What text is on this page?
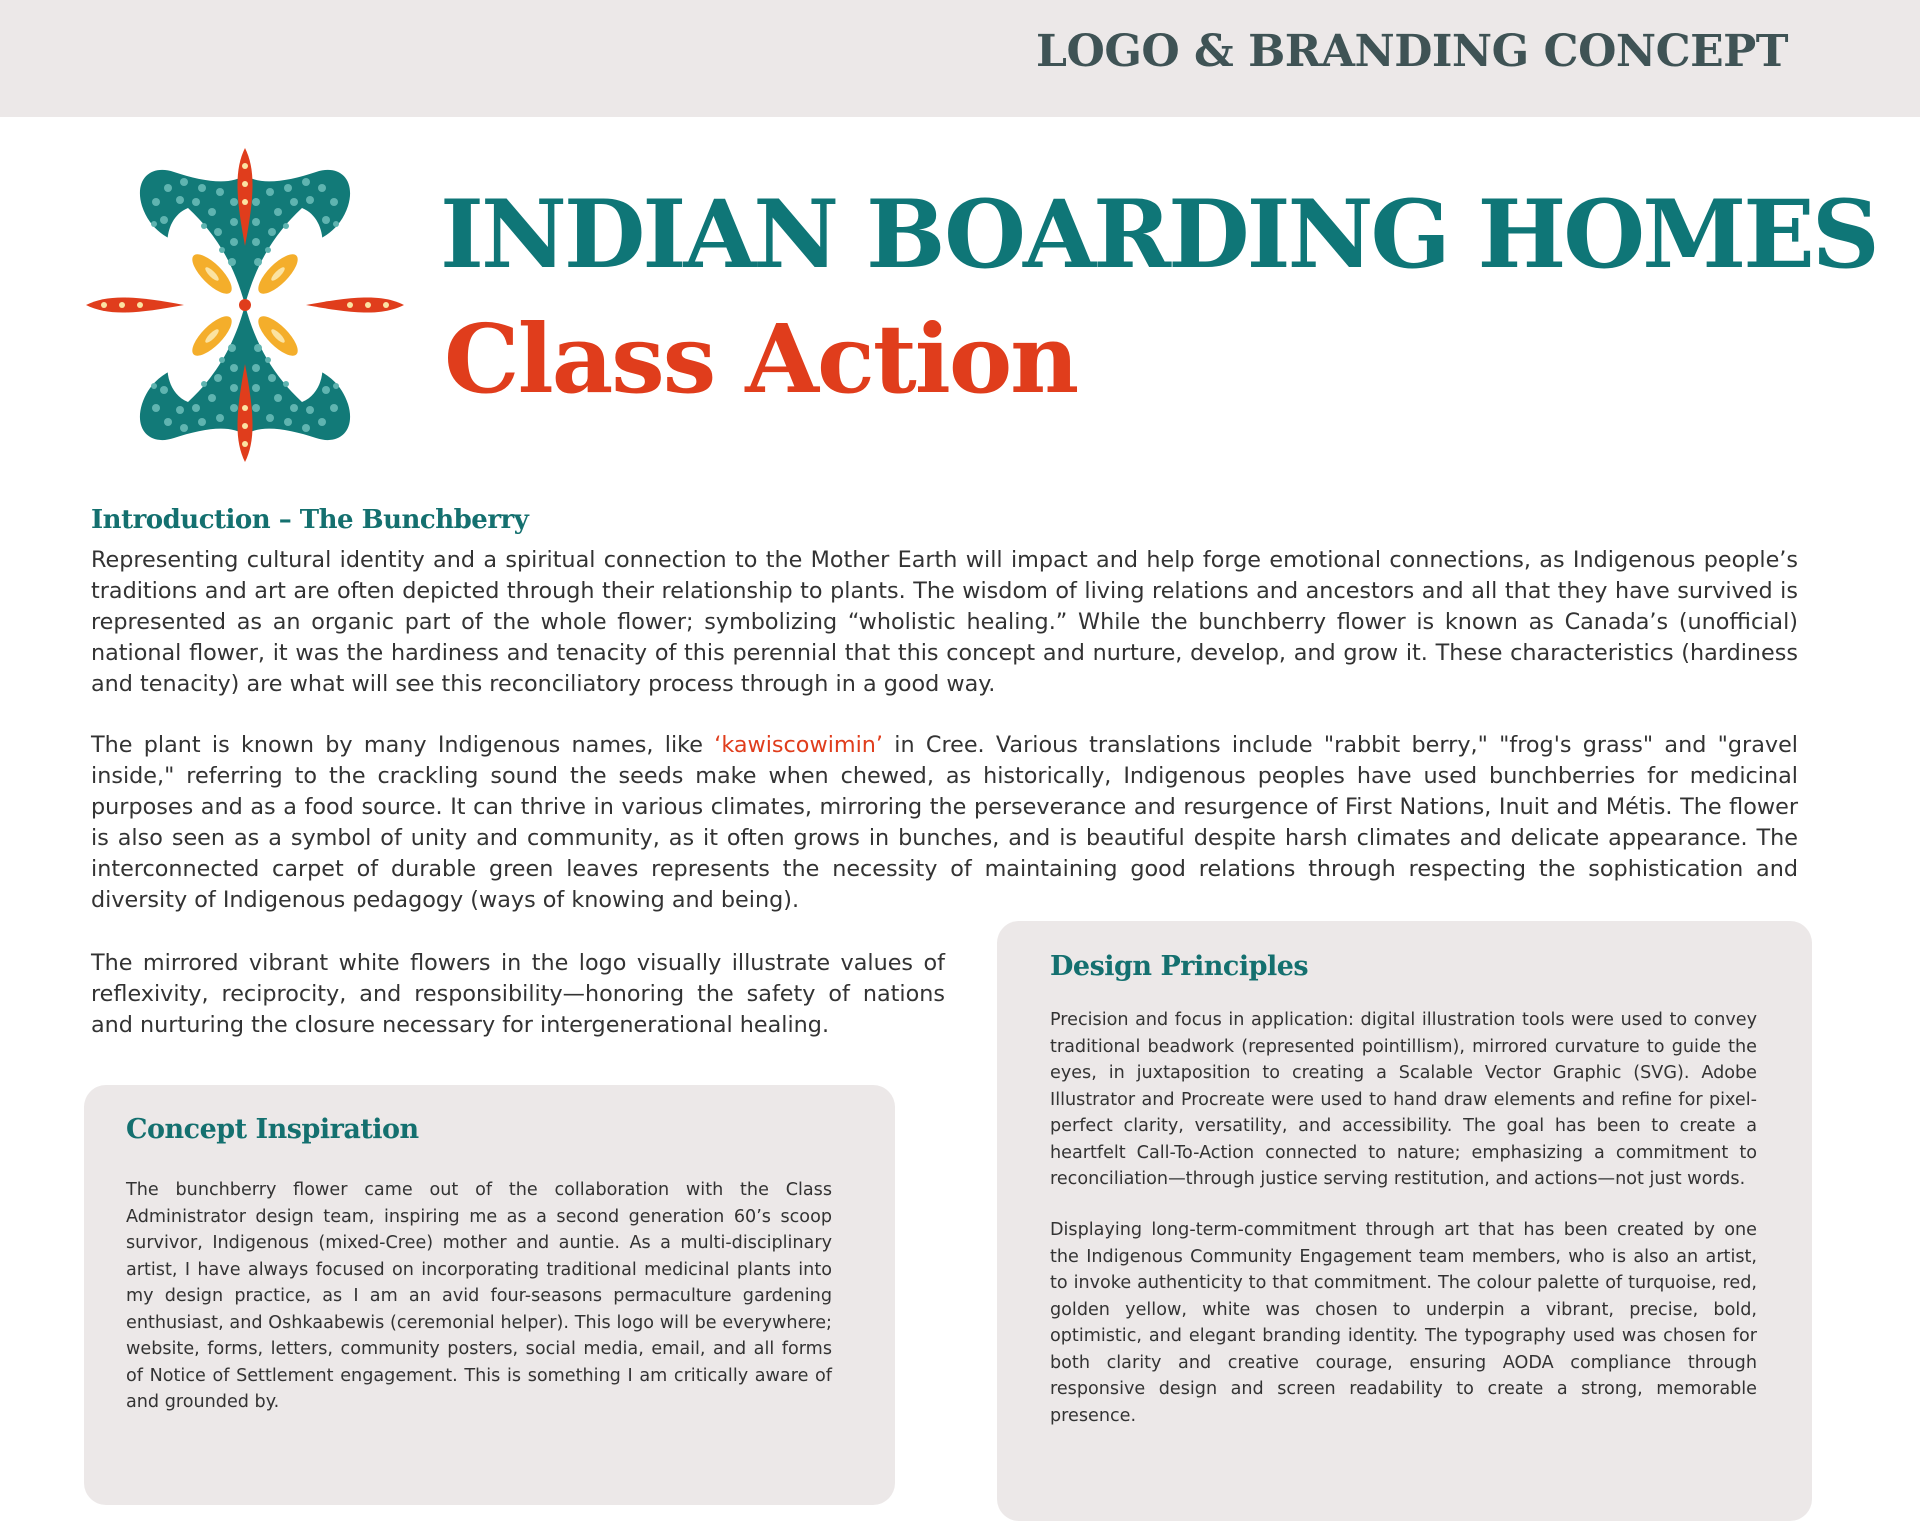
LOGO & BRANDING CONCEPT
INDIAN BOARDING HOMES
Class Action
Introduction – The Bunchberry

Representing cultural identity and a spiritual connection to the Mother Earth will impact and help forge emotional connections, as Indigenous people’s traditions and art are often depicted through their relationship to plants. The wisdom of living relations and ancestors and all that they have survived is represented as an organic part of the whole flower; symbolizing “wholistic healing.” While the bunchberry flower is known as Canada’s (unofficial) national flower, it was the hardiness and tenacity of this perennial that this concept and nurture, develop, and grow it. These characteristics (hardiness and tenacity) are what will see this reconciliatory process through in a good way.

The plant is known by many Indigenous names, like ‘kawiscowimin’ in Cree. Various translations include "rabbit berry," "frog's grass" and "gravel inside," referring to the crackling sound the seeds make when chewed, as historically, Indigenous peoples have used bunchberries for medicinal purposes and as a food source. It can thrive in various climates, mirroring the perseverance and resurgence of First Nations, Inuit and Métis. The flower is also seen as a symbol of unity and community, as it often grows in bunches, and is beautiful despite harsh climates and delicate appearance. The interconnected carpet of durable green leaves represents the necessity of maintaining good relations through respecting the sophistication and diversity of Indigenous pedagogy (ways of knowing and being).

The mirrored vibrant white flowers in the logo visually illustrate values of reflexivity, reciprocity, and responsibility—honoring the safety of nations and nurturing the closure necessary for intergenerational healing.

Design Principles

Precision and focus in application: digital illustration tools were used to convey traditional beadwork (represented pointillism), mirrored curvature to guide the eyes, in juxtaposition to creating a Scalable Vector Graphic (SVG). Adobe Illustrator and Procreate were used to hand draw elements and refine for pixel-perfect clarity, versatility, and accessibility. The goal has been to create a heartfelt Call-To-Action connected to nature; emphasizing a commitment to reconciliation—through justice serving restitution, and actions—not just words.

Displaying long-term-commitment through art that has been created by one the Indigenous Community Engagement team members, who is also an artist, to invoke authenticity to that commitment. The colour palette of turquoise, red, golden yellow, white was chosen to underpin a vibrant, precise, bold, optimistic, and elegant branding identity. The typography used was chosen for both clarity and creative courage, ensuring AODA compliance through responsive design and screen readability to create a strong, memorable presence.

Concept Inspiration

The bunchberry flower came out of the collaboration with the Class Administrator design team, inspiring me as a second generation 60’s scoop survivor, Indigenous (mixed-Cree) mother and auntie. As a multi-disciplinary artist, I have always focused on incorporating traditional medicinal plants into my design practice, as I am an avid four-seasons permaculture gardening enthusiast, and Oshkaabewis (ceremonial helper). This logo will be everywhere; website, forms, letters, community posters, social media, email, and all forms of Notice of Settlement engagement. This is something I am critically aware of and grounded by.
